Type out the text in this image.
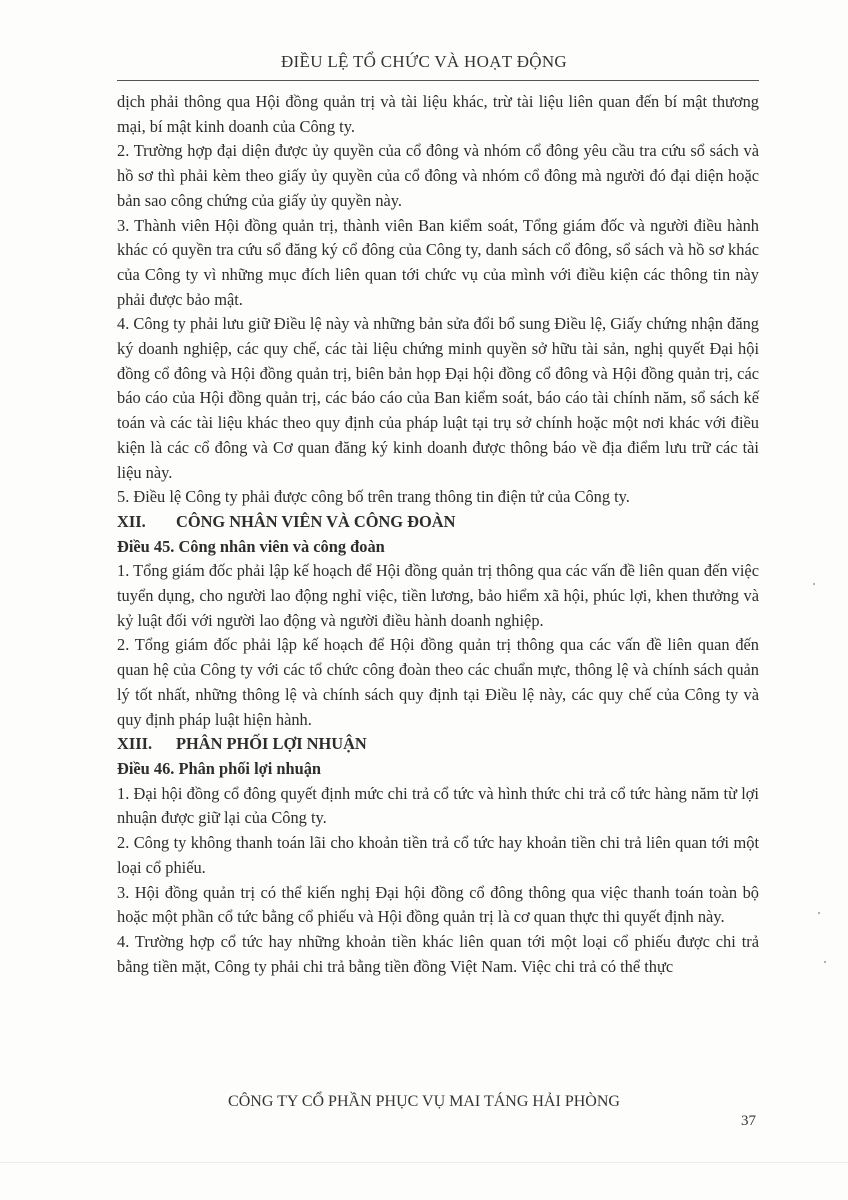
ĐIỀU LỆ TỔ CHỨC VÀ HOẠT ĐỘNG

dịch phải thông qua Hội đồng quản trị và tài liệu khác, trừ tài liệu liên quan đến bí mật thương mại, bí mật kinh doanh của Công ty.

2. Trường hợp đại diện được ủy quyền của cổ đông và nhóm cổ đông yêu cầu tra cứu sổ sách và hồ sơ thì phải kèm theo giấy ủy quyền của cổ đông và nhóm cổ đông mà người đó đại diện hoặc bản sao công chứng của giấy ủy quyền này.

3. Thành viên Hội đồng quản trị, thành viên Ban kiểm soát, Tổng giám đốc và người điều hành khác có quyền tra cứu sổ đăng ký cổ đông của Công ty, danh sách cổ đông, sổ sách và hồ sơ khác của Công ty vì những mục đích liên quan tới chức vụ của mình với điều kiện các thông tin này phải được bảo mật.

4. Công ty phải lưu giữ Điều lệ này và những bản sửa đổi bổ sung Điều lệ, Giấy chứng nhận đăng ký doanh nghiệp, các quy chế, các tài liệu chứng minh quyền sở hữu tài sản, nghị quyết Đại hội đồng cổ đông và Hội đồng quản trị, biên bản họp Đại hội đồng cổ đông và Hội đồng quản trị, các báo cáo của Hội đồng quản trị, các báo cáo của Ban kiểm soát, báo cáo tài chính năm, sổ sách kế toán và các tài liệu khác theo quy định của pháp luật tại trụ sở chính hoặc một nơi khác với điều kiện là các cổ đông và Cơ quan đăng ký kinh doanh được thông báo về địa điểm lưu trữ các tài liệu này.

5. Điều lệ Công ty phải được công bố trên trang thông tin điện tử của Công ty.

XII.	CÔNG NHÂN VIÊN VÀ CÔNG ĐOÀN

Điều 45. Công nhân viên và công đoàn

1. Tổng giám đốc phải lập kế hoạch để Hội đồng quản trị thông qua các vấn đề liên quan đến việc tuyển dụng, cho người lao động nghỉ việc, tiền lương, bảo hiểm xã hội, phúc lợi, khen thưởng và kỷ luật đối với người lao động và người điều hành doanh nghiệp.

2. Tổng giám đốc phải lập kế hoạch để Hội đồng quản trị thông qua các vấn đề liên quan đến quan hệ của Công ty với các tổ chức công đoàn theo các chuẩn mực, thông lệ và chính sách quản lý tốt nhất, những thông lệ và chính sách quy định tại Điều lệ này, các quy chế của Công ty và quy định pháp luật hiện hành.

XIII.	PHÂN PHỐI LỢI NHUẬN

Điều 46. Phân phối lợi nhuận

1. Đại hội đồng cổ đông quyết định mức chi trả cổ tức và hình thức chi trả cổ tức hàng năm từ lợi nhuận được giữ lại của Công ty.

2. Công ty không thanh toán lãi cho khoản tiền trả cổ tức hay khoản tiền chi trả liên quan tới một loại cổ phiếu.

3. Hội đồng quản trị có thể kiến nghị Đại hội đồng cổ đông thông qua việc thanh toán toàn bộ hoặc một phần cổ tức bằng cổ phiếu và Hội đồng quản trị là cơ quan thực thi quyết định này.

4. Trường hợp cổ tức hay những khoản tiền khác liên quan tới một loại cổ phiếu được chi trả bằng tiền mặt, Công ty phải chi trả bằng tiền đồng Việt Nam. Việc chi trả có thể thực

CÔNG TY CỔ PHẦN PHỤC VỤ MAI TÁNG HẢI PHÒNG
37
